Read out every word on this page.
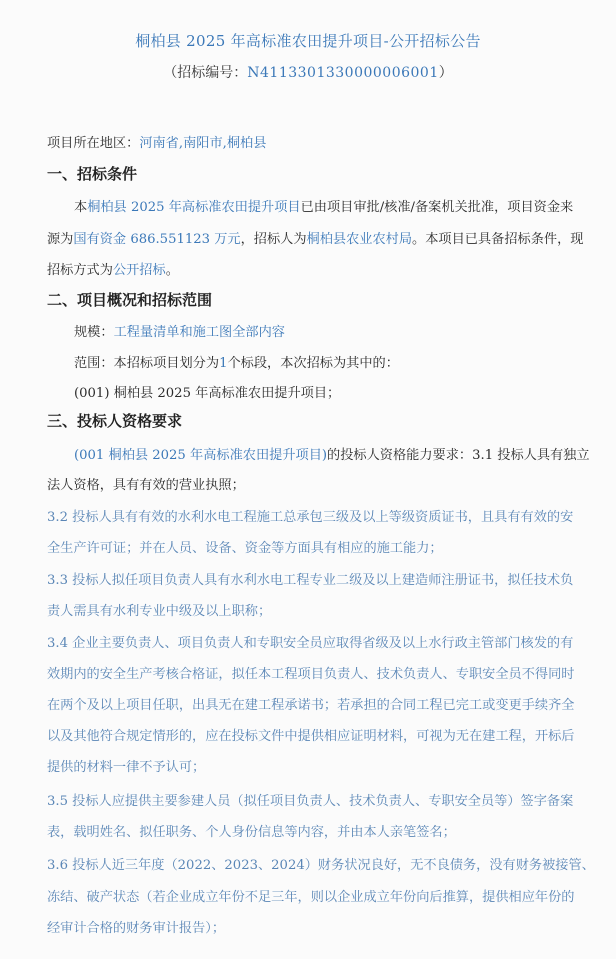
桐柏县 2025 年高标准农田提升项目-公开招标公告
（招标编号：N4113301330000006001）
项目所在地区：河南省,南阳市,桐柏县
一、招标条件
本桐柏县 2025 年高标准农田提升项目已由项目审批/核准/备案机关批准，项目资金来
源为国有资金 686.551123 万元，招标人为桐柏县农业农村局。本项目已具备招标条件，现
招标方式为公开招标。
二、项目概况和招标范围
规模：工程量清单和施工图全部内容
范围：本招标项目划分为1个标段，本次招标为其中的：
(001) 桐柏县 2025 年高标准农田提升项目；
三、投标人资格要求
(001 桐柏县 2025 年高标准农田提升项目)的投标人资格能力要求：3.1 投标人具有独立
法人资格，具有有效的营业执照；
3.2 投标人具有有效的水利水电工程施工总承包三级及以上等级资质证书，且具有有效的安
全生产许可证；并在人员、设备、资金等方面具有相应的施工能力；
3.3 投标人拟任项目负责人具有水利水电工程专业二级及以上建造师注册证书，拟任技术负
责人需具有水利专业中级及以上职称；
3.4 企业主要负责人、项目负责人和专职安全员应取得省级及以上水行政主管部门核发的有
效期内的安全生产考核合格证，拟任本工程项目负责人、技术负责人、专职安全员不得同时
在两个及以上项目任职，出具无在建工程承诺书；若承担的合同工程已完工或变更手续齐全
以及其他符合规定情形的，应在投标文件中提供相应证明材料，可视为无在建工程，开标后
提供的材料一律不予认可；
3.5 投标人应提供主要参建人员（拟任项目负责人、技术负责人、专职安全员等）签字备案
表，载明姓名、拟任职务、个人身份信息等内容，并由本人亲笔签名；
3.6 投标人近三年度（2022、2023、2024）财务状况良好，无不良债务，没有财务被接管、
冻结、破产状态（若企业成立年份不足三年，则以企业成立年份向后推算，提供相应年份的
经审计合格的财务审计报告）；
